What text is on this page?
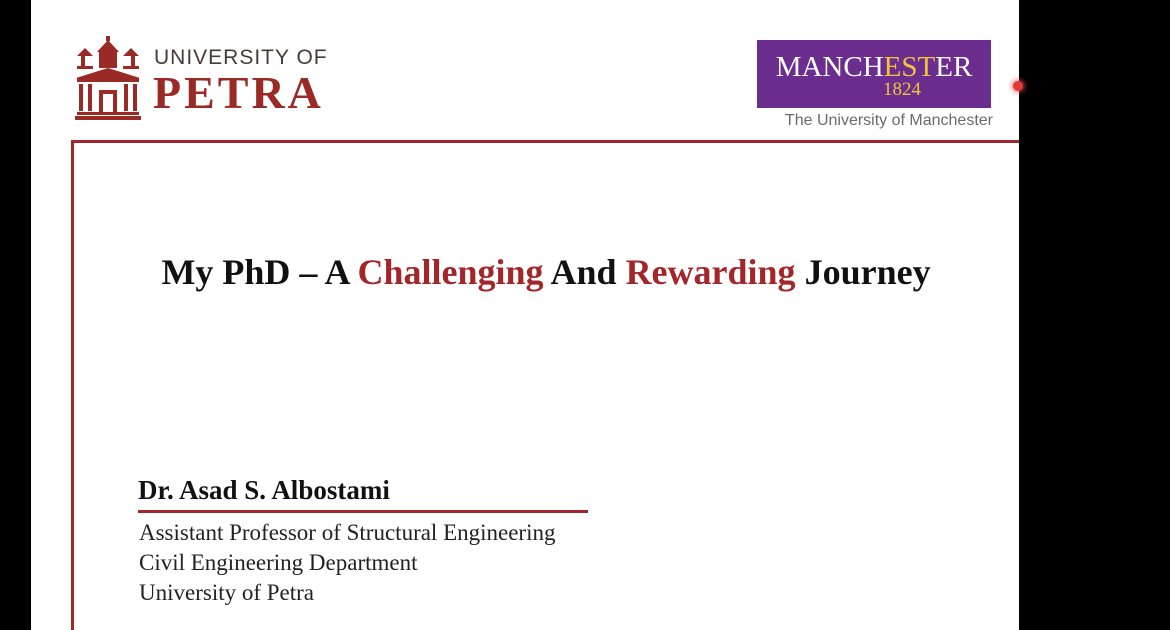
UNIVERSITY OF
PETRA	MANCHESTER
1824
The University of Manchester
My PhD – A Challenging And Rewarding Journey
Dr. Asad S. Albostami
Assistant Professor of Structural Engineering
Civil Engineering Department
University of Petra
